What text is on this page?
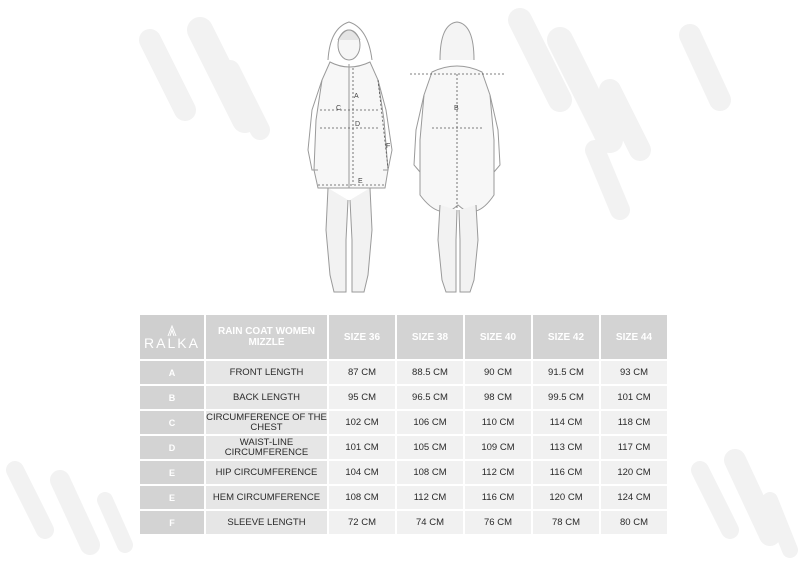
A
C
D
F
E
B
RALKA	RAIN COAT WOMEN MIZZLE	SIZE 36	SIZE 38	SIZE 40	SIZE 42	SIZE 44
A	FRONT LENGTH	87 CM	88.5 CM	90 CM	91.5 CM	93 CM
B	BACK LENGTH	95 CM	96.5 CM	98 CM	99.5 CM	101 CM
C	CIRCUMFERENCE OF THE CHEST	102 CM	106 CM	110 CM	114 CM	118 CM
D	WAIST-LINE CIRCUMFERENCE	101 CM	105 CM	109 CM	113 CM	117 CM
E	HIP CIRCUMFERENCE	104 CM	108 CM	112 CM	116 CM	120 CM
E	HEM CIRCUMFERENCE	108 CM	112 CM	116 CM	120 CM	124 CM
F	SLEEVE LENGTH	72 CM	74 CM	76 CM	78 CM	80 CM
